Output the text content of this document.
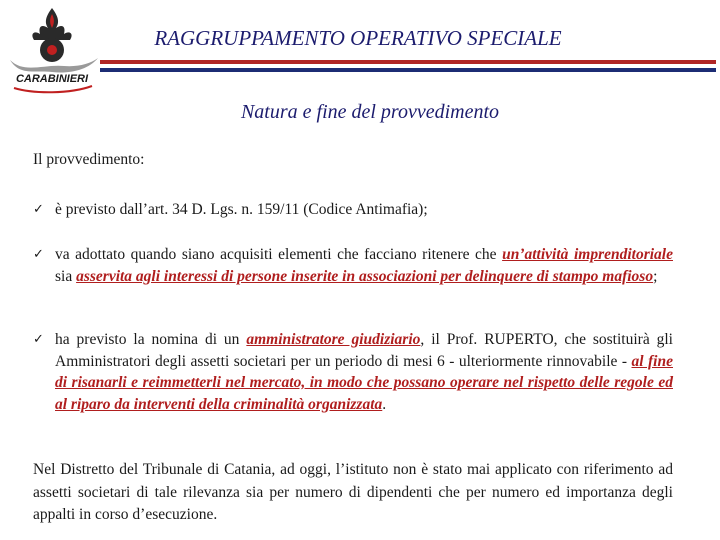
CARABINIERI
RAGGRUPPAMENTO OPERATIVO SPECIALE
Natura e fine del provvedimento
Il provvedimento:
✓ è previsto dall’art. 34 D. Lgs. n. 159/11 (Codice Antimafia);
✓ va adottato quando siano acquisiti elementi che facciano ritenere che un’attività imprenditoriale sia asservita agli interessi di persone inserite in associazioni per delinquere di stampo mafioso;
✓ ha previsto la nomina di un amministratore giudiziario, il Prof. RUPERTO, che sostituirà gli Amministratori degli assetti societari per un periodo di mesi 6 - ulteriormente rinnovabile - al fine di risanarli e reimmetterli nel mercato, in modo che possano operare nel rispetto delle regole ed al riparo da interventi della criminalità organizzata.
Nel Distretto del Tribunale di Catania, ad oggi, l’istituto non è stato mai applicato con riferimento ad assetti societari di tale rilevanza sia per numero di dipendenti che per numero ed importanza degli appalti in corso d’esecuzione.
